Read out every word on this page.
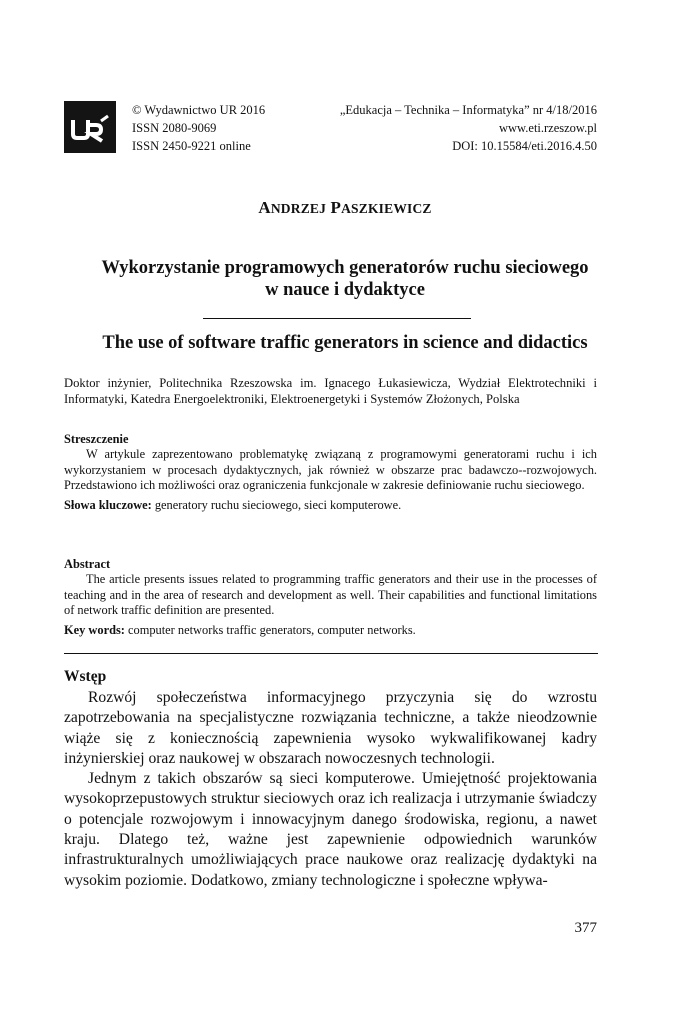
© Wydawnictwo UR 2016
ISSN 2080-9069
ISSN 2450-9221 online
„Edukacja – Technika – Informatyka” nr 4/18/2016
www.eti.rzeszow.pl
DOI: 10.15584/eti.2016.4.50
ANDRZEJ PASZKIEWICZ
Wykorzystanie programowych generatorów ruchu sieciowego
w nauce i dydaktyce
The use of software traffic generators in science and didactics
Doktor inżynier, Politechnika Rzeszowska im. Ignacego Łukasiewicza, Wydział Elektrotechniki i Informatyki, Katedra Energoelektroniki, Elektroenergetyki i Systemów Złożonych, Polska
Streszczenie
W artykule zaprezentowano problematykę związaną z programowymi generatorami ruchu i ich wykorzystaniem w procesach dydaktycznych, jak również w obszarze prac badawczo--rozwojowych. Przedstawiono ich możliwości oraz ograniczenia funkcjonale w zakresie definiowanie ruchu sieciowego.
Słowa kluczowe: generatory ruchu sieciowego, sieci komputerowe.
Abstract
The article presents issues related to programming traffic generators and their use in the processes of teaching and in the area of research and development as well. Their capabilities and functional limitations of network traffic definition are presented.
Key words: computer networks traffic generators, computer networks.
Wstęp

Rozwój społeczeństwa informacyjnego przyczynia się do wzrostu zapotrzebowania na specjalistyczne rozwiązania techniczne, a także nieodzownie wiąże się z koniecznością zapewnienia wysoko wykwalifikowanej kadry inżynierskiej oraz naukowej w obszarach nowoczesnych technologii.

Jednym z takich obszarów są sieci komputerowe. Umiejętność projektowania wysokoprzepustowych struktur sieciowych oraz ich realizacja i utrzymanie świadczy o potencjale rozwojowym i innowacyjnym danego środowiska, regionu, a nawet kraju. Dlatego też, ważne jest zapewnienie odpowiednich warunków infrastrukturalnych umożliwiających prace naukowe oraz realizację dydaktyki na wysokim poziomie. Dodatkowo, zmiany technologiczne i społeczne wpływa-

377
